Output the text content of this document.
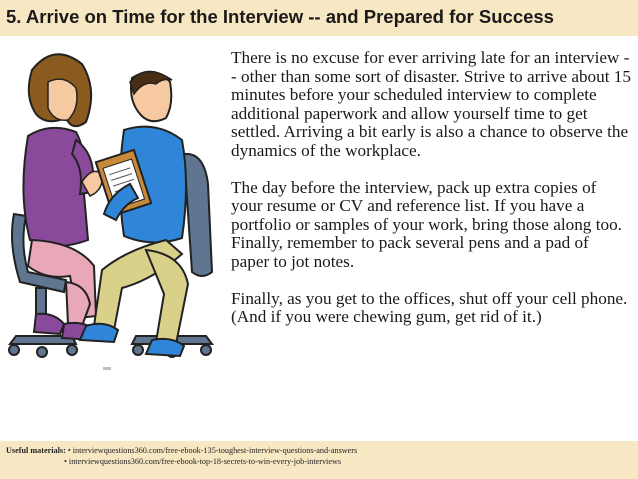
5. Arrive on Time for the Interview -- and Prepared for Success

There is no excuse for ever arriving late for an interview -- other than some sort of disaster. Strive to arrive about 15 minutes before your scheduled interview to complete additional paperwork and allow yourself time to get settled. Arriving a bit early is also a chance to observe the dynamics of the workplace.

The day before the interview, pack up extra copies of your resume or CV and reference list. If you have a portfolio or samples of your work, bring those along too. Finally, remember to pack several pens and a pad of paper to jot notes.

Finally, as you get to the offices, shut off your cell phone. (And if you were chewing gum, get rid of it.)

Useful materials: • interviewquestions360.com/free-ebook-135-toughest-interview-questions-and-answers
• interviewquestions360.com/free-ebook-top-18-secrets-to-win-every-job-interviews
